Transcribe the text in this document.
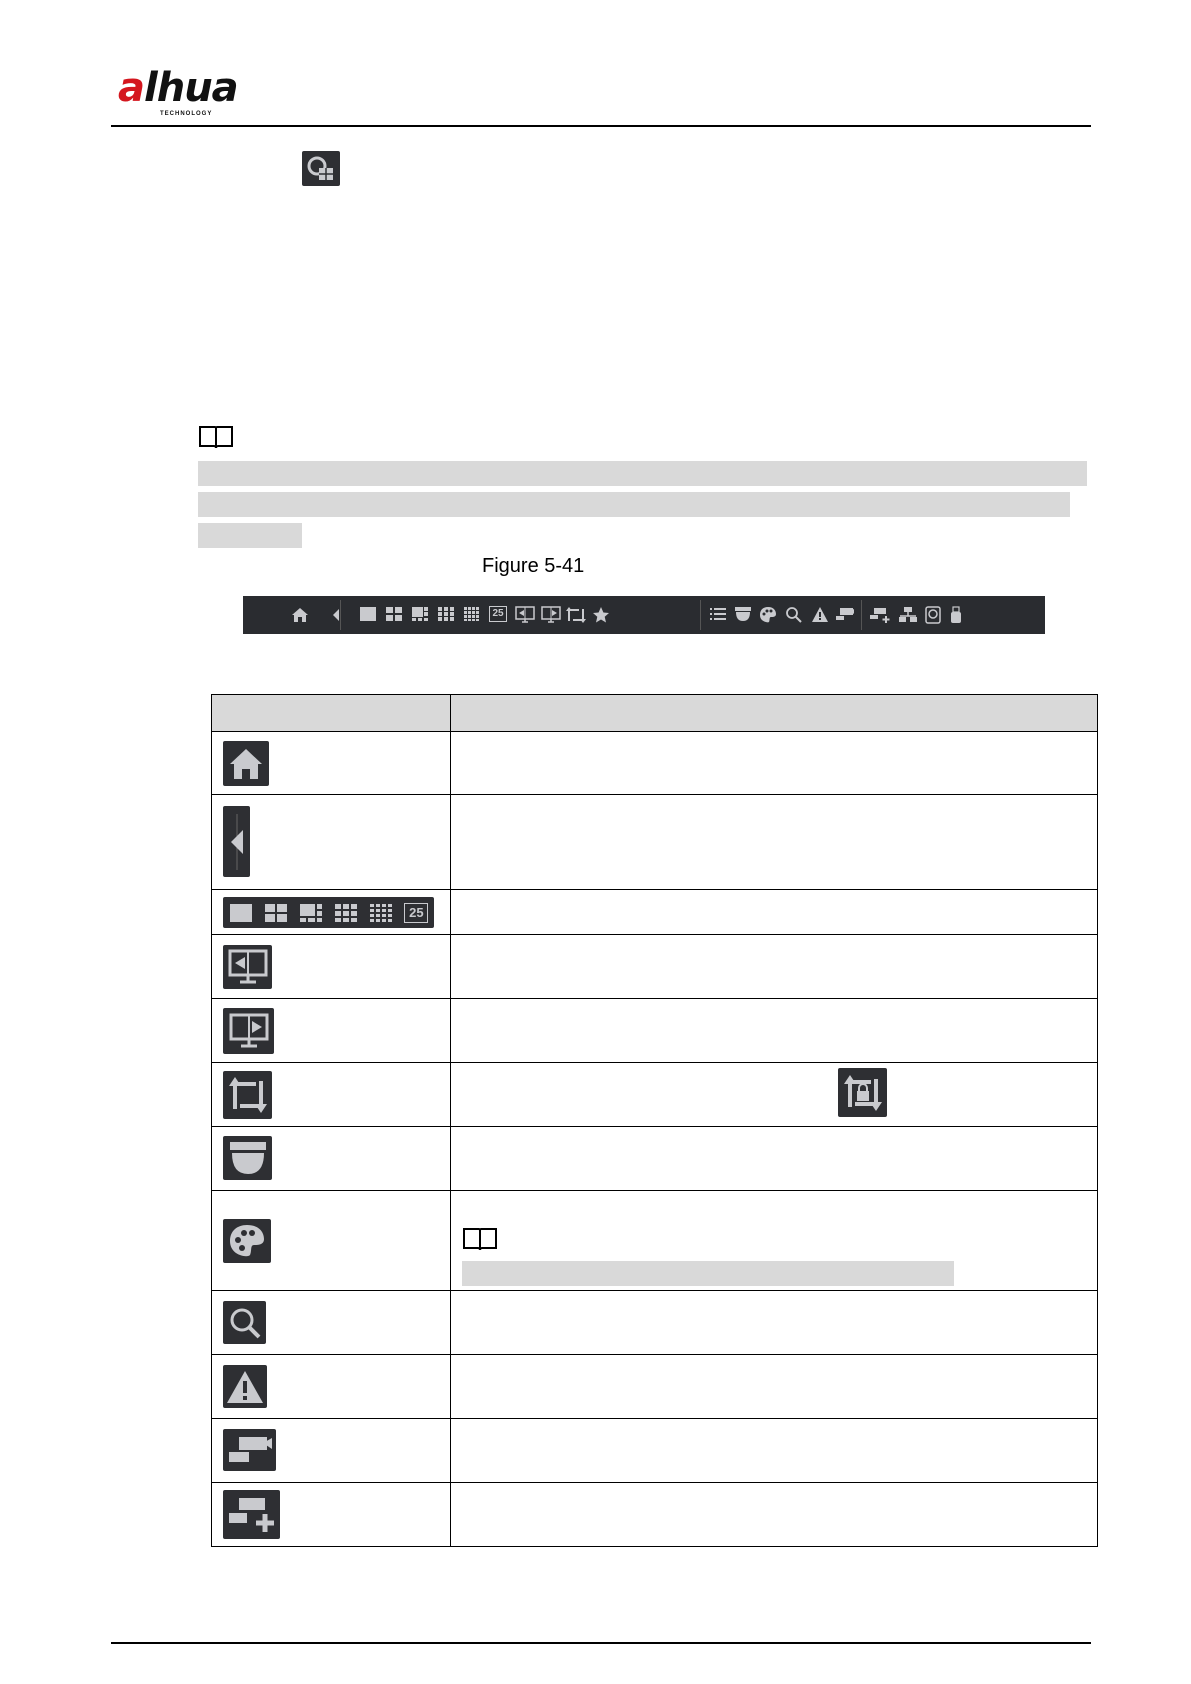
alhua
TECHNOLOGY
Figure 5-41
25

25	
